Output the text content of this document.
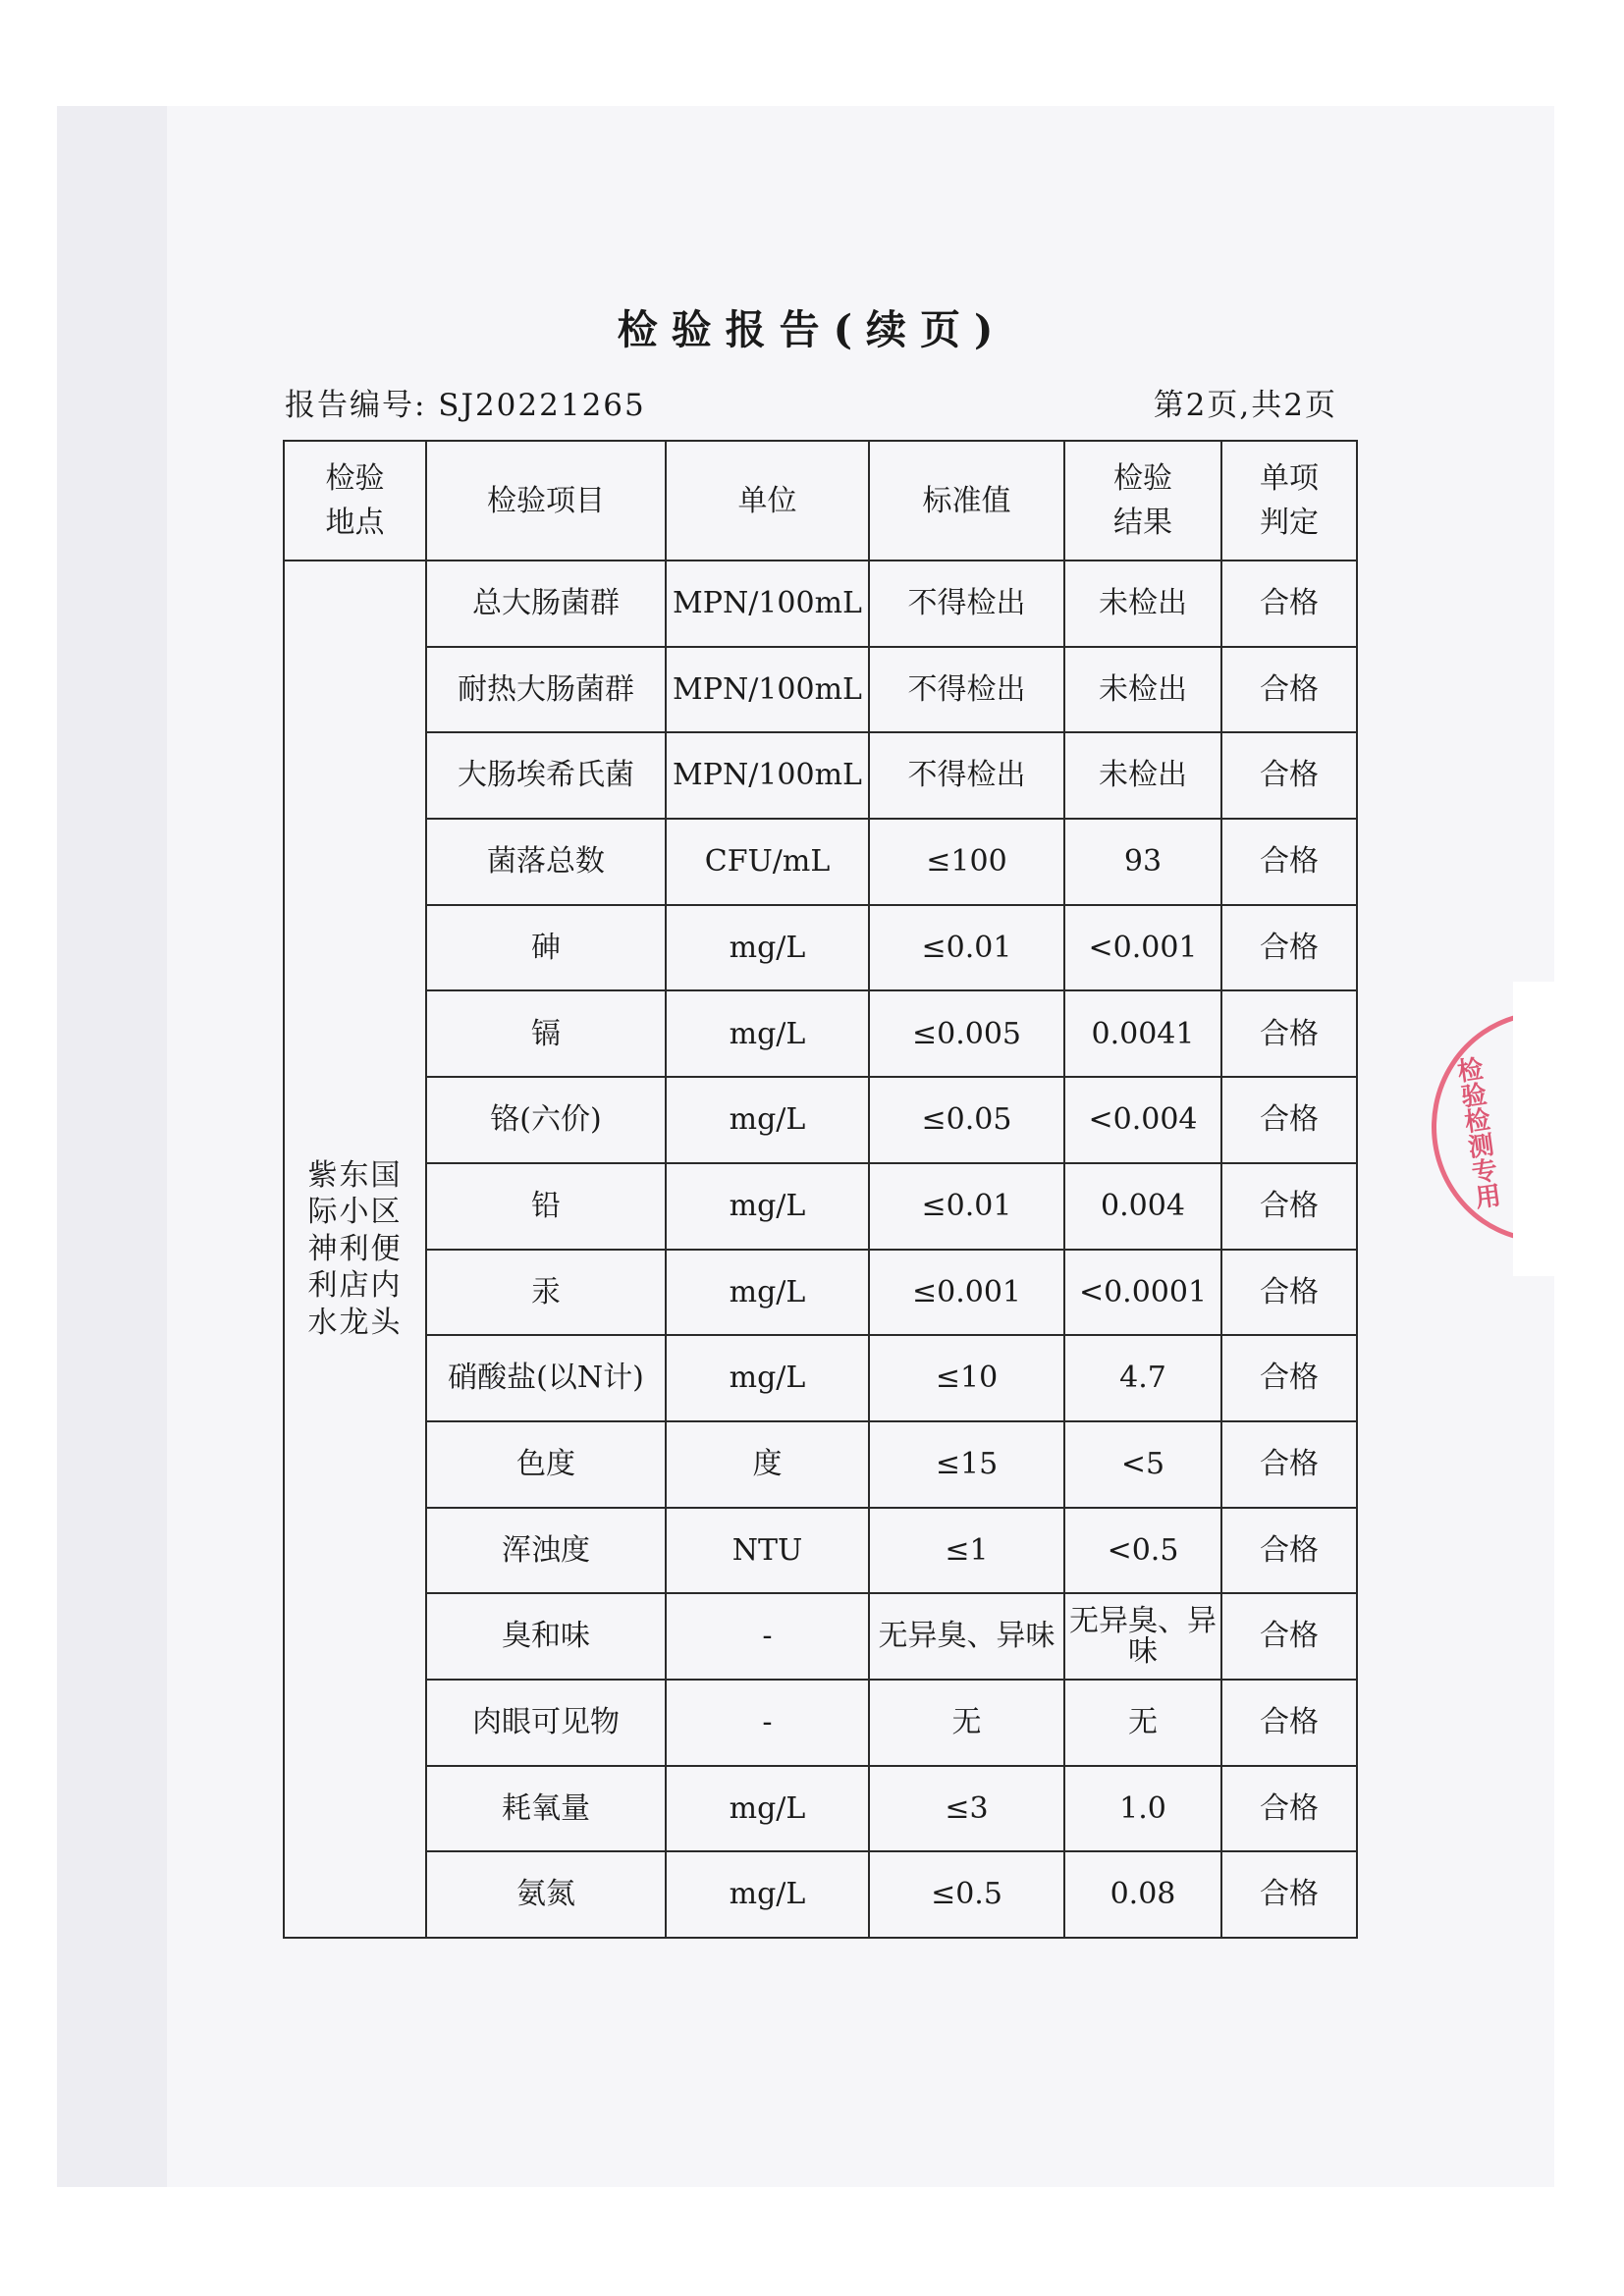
检验报告(续页)
报告编号: SJ20221265	第2页,共2页
检验地点	检验项目	单位	标准值	检验结果	单项判定

紫东国际小区神利便利店内水龙头	总大肠菌群	MPN/100mL	不得检出	未检出	合格
	耐热大肠菌群	MPN/100mL	不得检出	未检出	合格
	大肠埃希氏菌	MPN/100mL	不得检出	未检出	合格
	菌落总数	CFU/mL	≤100	93	合格
	砷	mg/L	≤0.01	<0.001	合格
	镉	mg/L	≤0.005	0.0041	合格
	铬(六价)	mg/L	≤0.05	<0.004	合格
	铅	mg/L	≤0.01	0.004	合格
	汞	mg/L	≤0.001	<0.0001	合格
	硝酸盐(以N计)	mg/L	≤10	4.7	合格
	色度	度	≤15	<5	合格
	浑浊度	NTU	≤1	<0.5	合格
	臭和味	-	无异臭、异味	无异臭、异味	合格
	肉眼可见物	-	无	无	合格
	耗氧量	mg/L	≤3	1.0	合格
	氨氮	mg/L	≤0.5	0.08	合格
检验检测专用
